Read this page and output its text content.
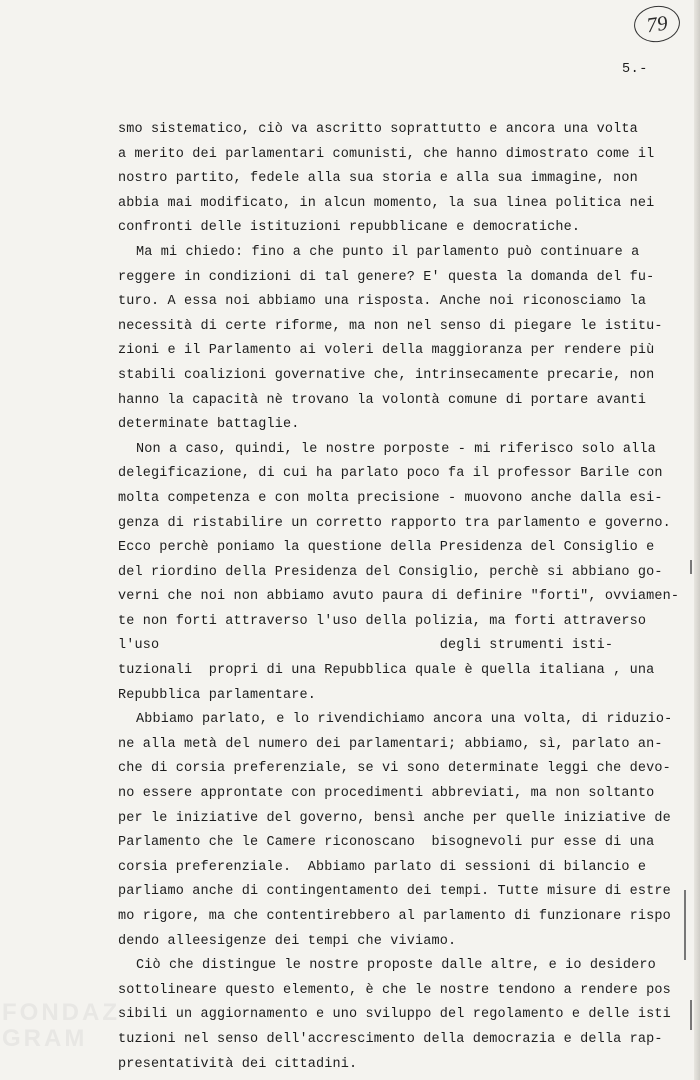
79
5.-
FONDAZ
GRAM
smo sistematico, ciò va ascritto soprattutto e ancora una volta
a merito dei parlamentari comunisti, che hanno dimostrato come il
nostro partito, fedele alla sua storia e alla sua immagine, non
abbia mai modificato, in alcun momento, la sua linea politica nei
confronti delle istituzioni repubblicane e democratiche.
Ma mi chiedo: fino a che punto il parlamento può continuare a
reggere in condizioni di tal genere? E' questa la domanda del fu-
turo. A essa noi abbiamo una risposta. Anche noi riconosciamo la
necessità di certe riforme, ma non nel senso di piegare le istitu-
zioni e il Parlamento ai voleri della maggioranza per rendere più
stabili coalizioni governative che, intrinsecamente precarie, non
hanno la capacità nè trovano la volontà comune di portare avanti
determinate battaglie.
Non a caso, quindi, le nostre porposte - mi riferisco solo alla
delegificazione, di cui ha parlato poco fa il professor Barile con
molta competenza e con molta precisione - muovono anche dalla esi-
genza di ristabilire un corretto rapporto tra parlamento e governo.
Ecco perchè poniamo la questione della Presidenza del Consiglio e
del riordino della Presidenza del Consiglio, perchè si abbiano go-
verni che noi non abbiamo avuto paura di definire "forti", ovviamen-
te non forti attraverso l'uso della polizia, ma forti attraverso
l'uso                                  degli strumenti isti-
tuzionali  propri di una Repubblica quale è quella italiana , una
Repubblica parlamentare.
Abbiamo parlato, e lo rivendichiamo ancora una volta, di riduzio-
ne alla metà del numero dei parlamentari; abbiamo, sì, parlato an-
che di corsia preferenziale, se vi sono determinate leggi che devo-
no essere approntate con procedimenti abbreviati, ma non soltanto
per le iniziative del governo, bensì anche per quelle iniziative de
Parlamento che le Camere riconoscano  bisognevoli pur esse di una
corsia preferenziale.  Abbiamo parlato di sessioni di bilancio e
parliamo anche di contingentamento dei tempi. Tutte misure di estre
mo rigore, ma che contentirebbero al parlamento di funzionare rispo
dendo alleesigenze dei tempi che viviamo.
Ciò che distingue le nostre proposte dalle altre, e io desidero
sottolineare questo elemento, è che le nostre tendono a rendere pos
sibili un aggiornamento e uno sviluppo del regolamento e delle isti
tuzioni nel senso dell'accrescimento della democrazia e della rap-
presentatività dei cittadini.
